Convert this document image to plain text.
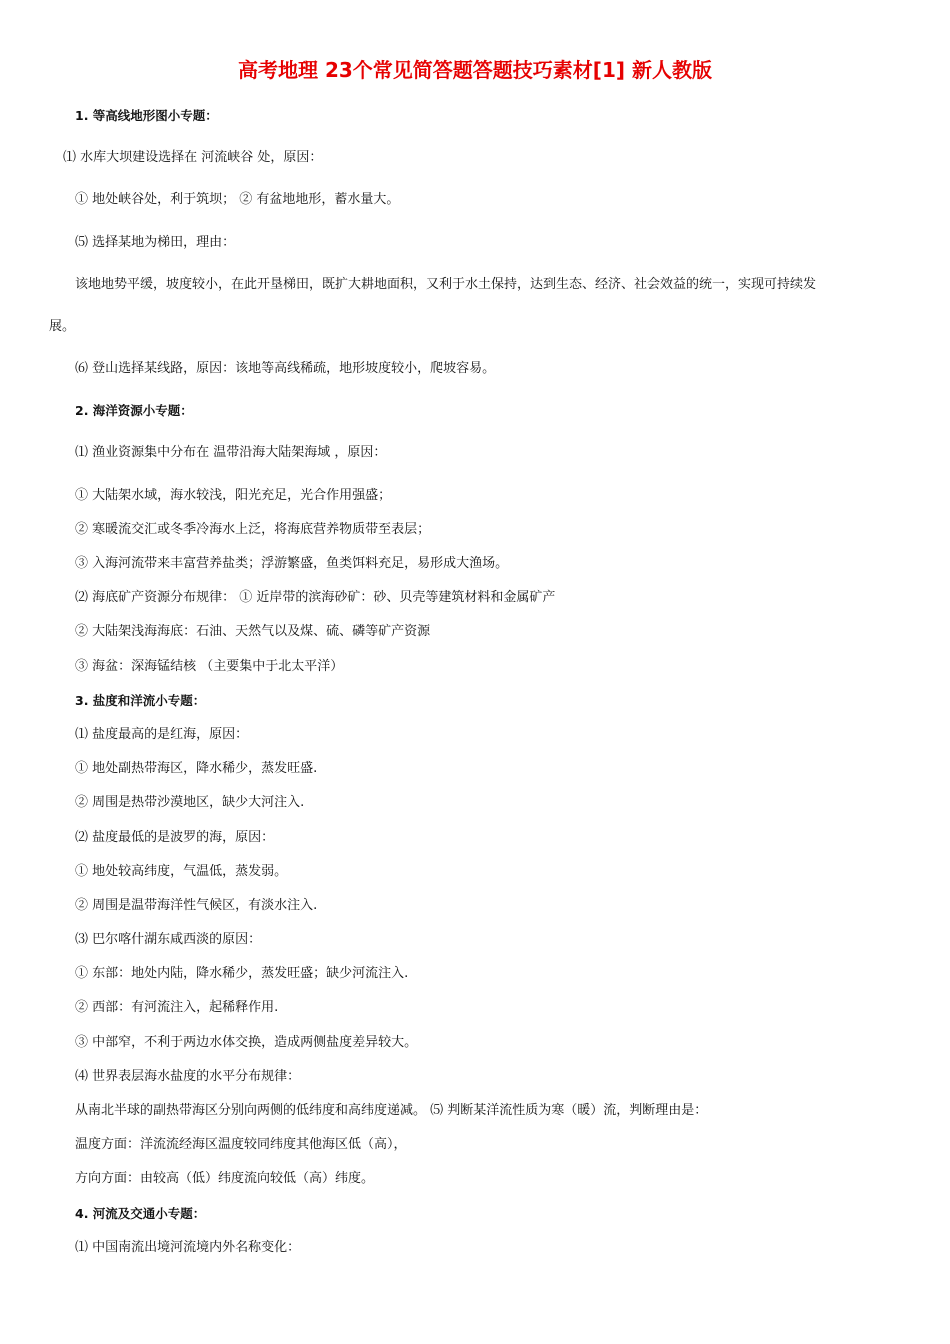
高考地理 23个常见简答题答题技巧素材[1] 新人教版
1. 等高线地形图小专题：
⑴ 水库大坝建设选择在 河流峡谷 处，原因：
① 地处峡谷处，利于筑坝； ② 有盆地地形，蓄水量大。
⑸ 选择某地为梯田，理由：
该地地势平缓，坡度较小，在此开垦梯田，既扩大耕地面积，又利于水土保持，达到生态、经济、社会效益的统一，实现可持续发
展。
⑹ 登山选择某线路，原因：该地等高线稀疏，地形坡度较小，爬坡容易。
2. 海洋资源小专题：
⑴ 渔业资源集中分布在 温带沿海大陆架海域 ，原因：
① 大陆架水域，海水较浅，阳光充足，光合作用强盛；
② 寒暖流交汇或冬季冷海水上泛，将海底营养物质带至表层；
③ 入海河流带来丰富营养盐类；浮游繁盛，鱼类饵料充足，易形成大渔场。
⑵ 海底矿产资源分布规律： ① 近岸带的滨海砂矿：砂、贝壳等建筑材料和金属矿产
② 大陆架浅海海底：石油、天然气以及煤、硫、磷等矿产资源
③ 海盆：深海锰结核 （主要集中于北太平洋）
3. 盐度和洋流小专题：
⑴ 盐度最高的是红海，原因：
① 地处副热带海区，降水稀少，蒸发旺盛.
② 周围是热带沙漠地区，缺少大河注入.
⑵ 盐度最低的是波罗的海，原因：
① 地处较高纬度，气温低，蒸发弱。
② 周围是温带海洋性气候区，有淡水注入.
⑶ 巴尔喀什湖东咸西淡的原因：
① 东部：地处内陆，降水稀少，蒸发旺盛；缺少河流注入.
② 西部：有河流注入，起稀释作用.
③ 中部窄，不利于两边水体交换，造成两侧盐度差异较大。
⑷ 世界表层海水盐度的水平分布规律：
从南北半球的副热带海区分别向两侧的低纬度和高纬度递减。 ⑸ 判断某洋流性质为寒（暖）流，判断理由是：
温度方面：洋流流经海区温度较同纬度其他海区低（高），
方向方面：由较高（低）纬度流向较低（高）纬度。
4. 河流及交通小专题：
⑴ 中国南流出境河流境内外名称变化：
